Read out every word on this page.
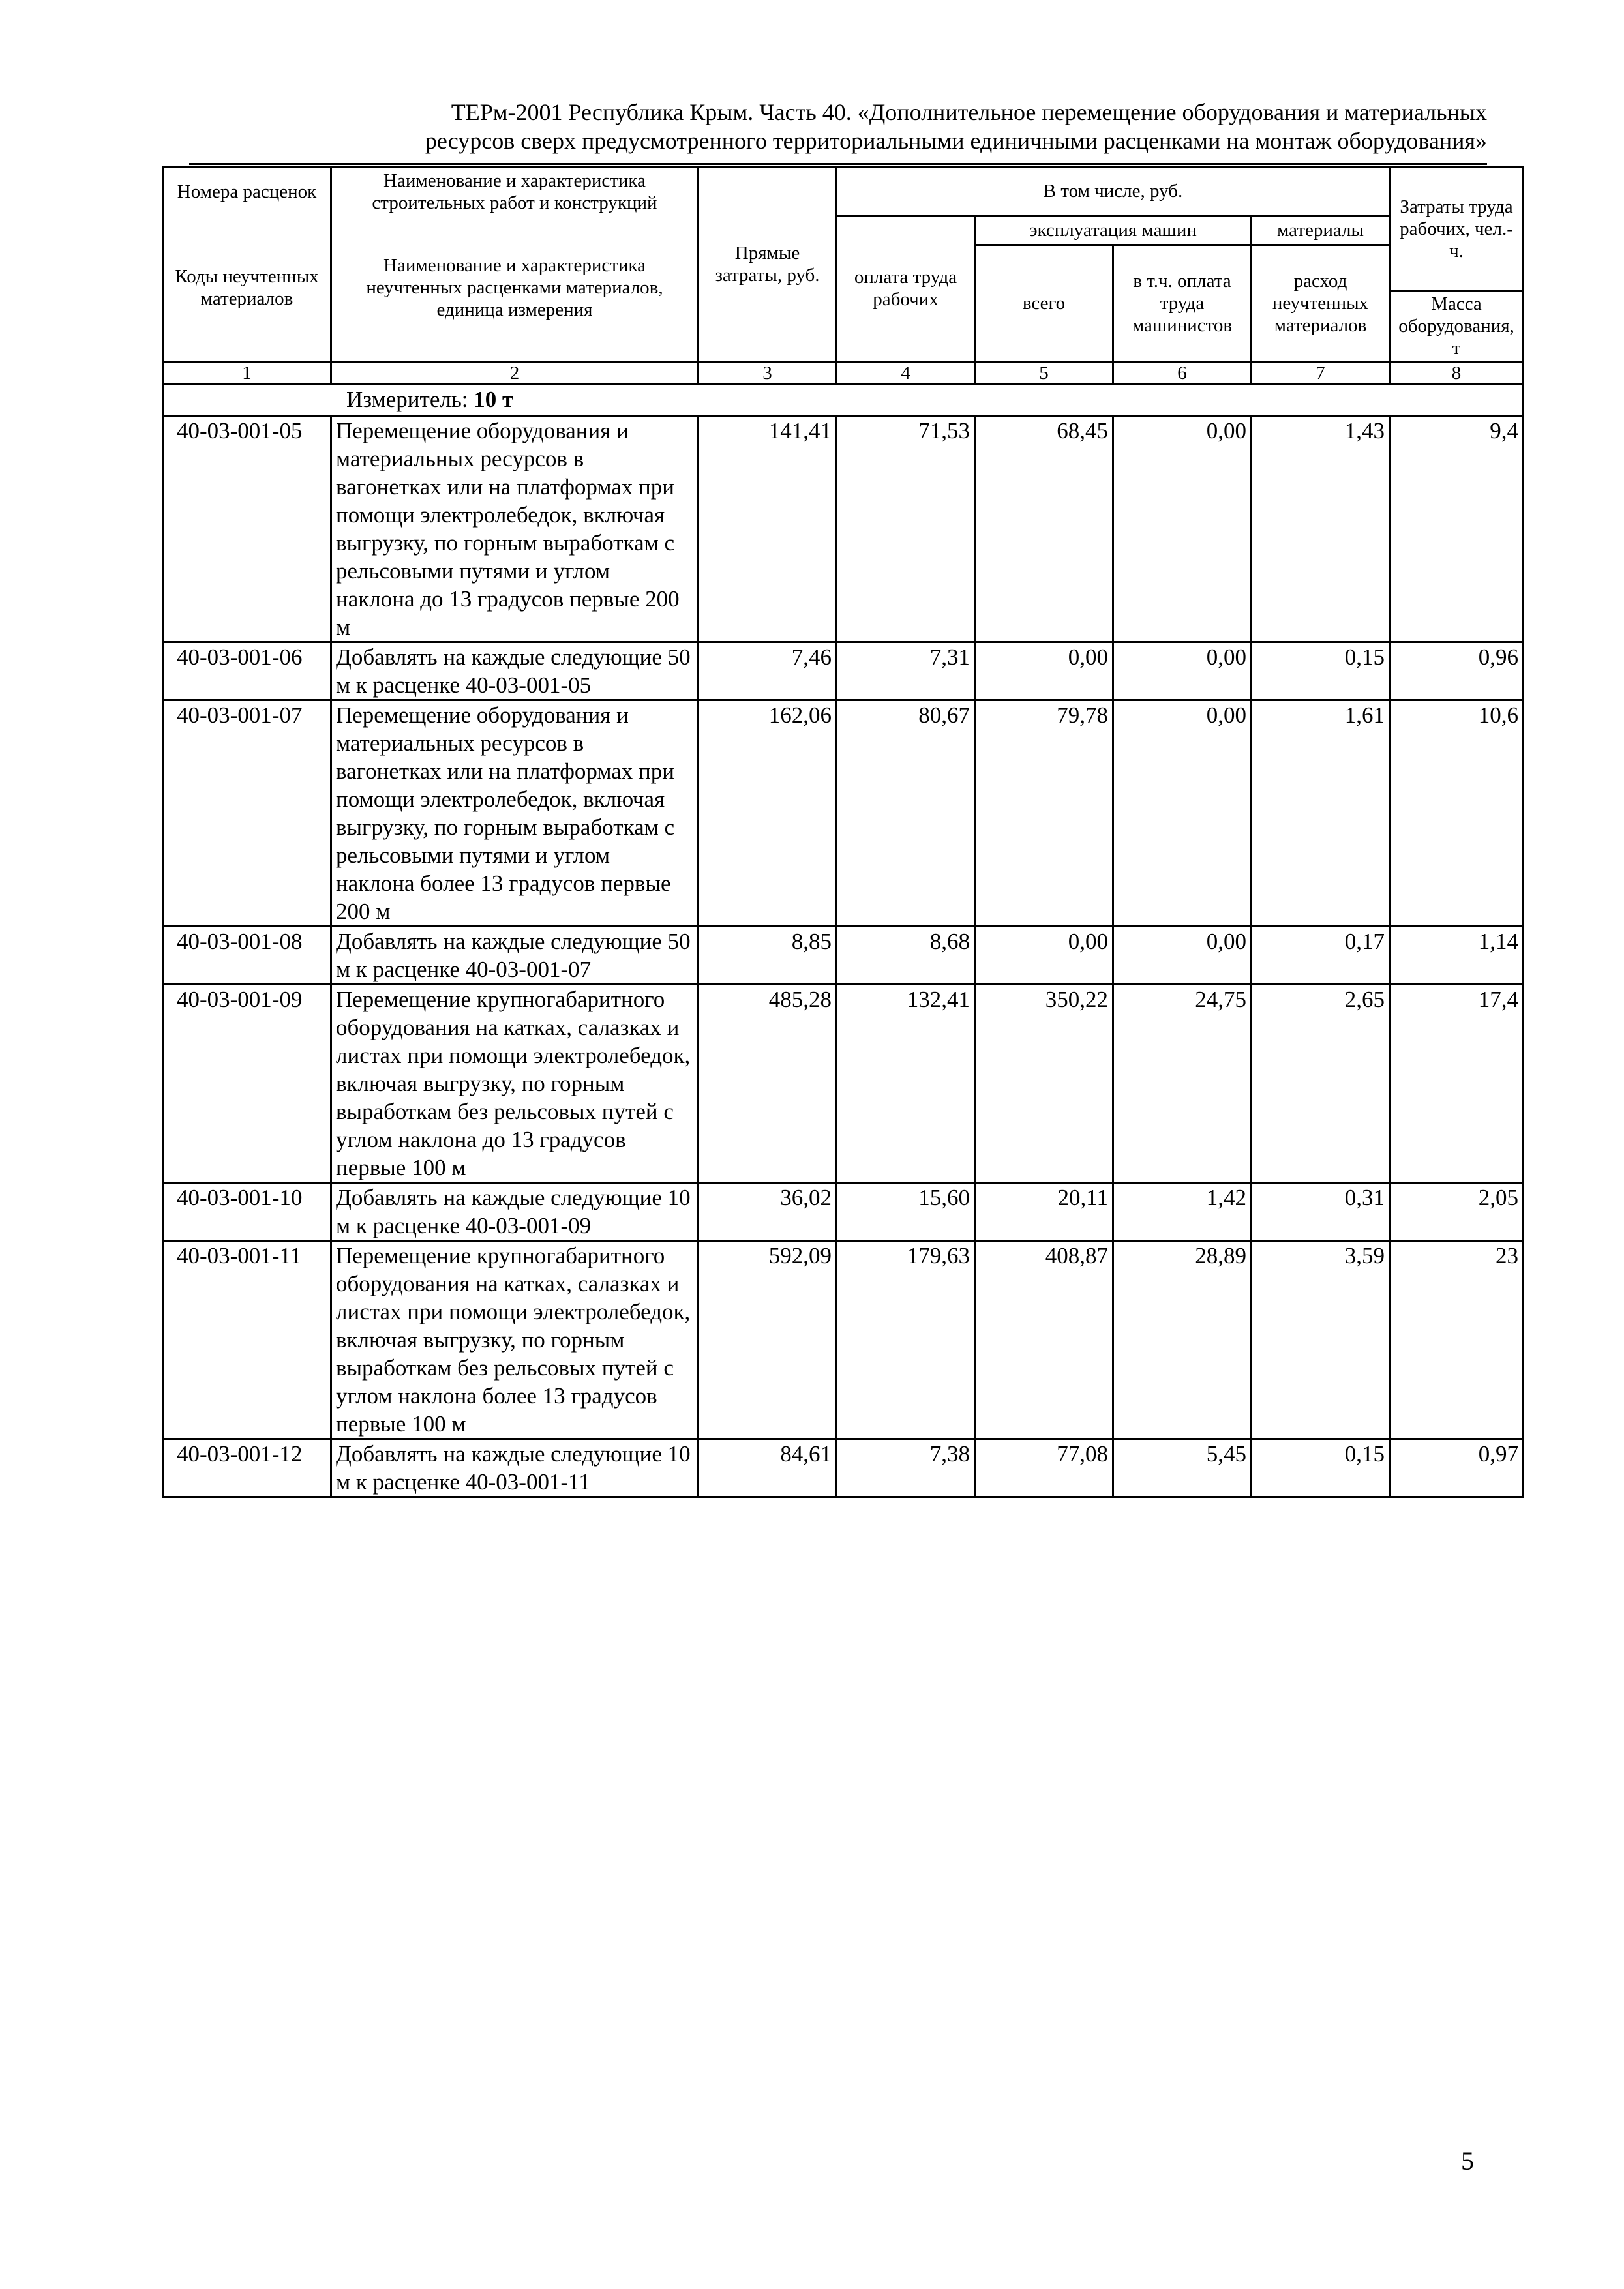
ТЕРм-2001 Республика Крым. Часть 40. «Дополнительное перемещение оборудования и материальных
ресурсов сверх предусмотренного территориальными единичными расценками на монтаж оборудования»
Номера расценок	Наименование и характеристика строительных работ и конструкций	Прямые затраты, руб.	В том числе, руб.				Затраты труда рабочих, чел.-ч.
Коды неучтенных материалов	Наименование и характеристика неучтенных расценками материалов, единица измерения		оплата труда рабочих	эксплуатация машин		материалы	
				всего	в т.ч. оплата труда машинистов	расход неучтенных материалов	
							Масса оборудования, т
1	2	3	4	5	6	7	8
Измеритель: 10 т							
40-03-001-05	Перемещение оборудования и материальных ресурсов в вагонетках или на платформах при помощи электролебедок, включая выгрузку, по горным выработкам с рельсовыми путями и углом наклона до 13 градусов первые 200 м	141,41	71,53	68,45	0,00	1,43	9,4
40-03-001-06	Добавлять на каждые следующие 50 м к расценке 40-03-001-05	7,46	7,31	0,00	0,00	0,15	0,96
40-03-001-07	Перемещение оборудования и материальных ресурсов в вагонетках или на платформах при помощи электролебедок, включая выгрузку, по горным выработкам с рельсовыми путями и углом наклона более 13 градусов первые 200 м	162,06	80,67	79,78	0,00	1,61	10,6
40-03-001-08	Добавлять на каждые следующие 50 м к расценке 40-03-001-07	8,85	8,68	0,00	0,00	0,17	1,14
40-03-001-09	Перемещение крупногабаритного оборудования на катках, салазках и листах при помощи электролебедок, включая выгрузку, по горным выработкам без рельсовых путей с углом наклона до 13 градусов первые 100 м	485,28	132,41	350,22	24,75	2,65	17,4
40-03-001-10	Добавлять на каждые следующие 10 м к расценке 40-03-001-09	36,02	15,60	20,11	1,42	0,31	2,05
40-03-001-11	Перемещение крупногабаритного оборудования на катках, салазках и листах при помощи электролебедок, включая выгрузку, по горным выработкам без рельсовых путей с углом наклона более 13 градусов первые 100 м	592,09	179,63	408,87	28,89	3,59	23
40-03-001-12	Добавлять на каждые следующие 10 м к расценке 40-03-001-11	84,61	7,38	77,08	5,45	0,15	0,97
5
